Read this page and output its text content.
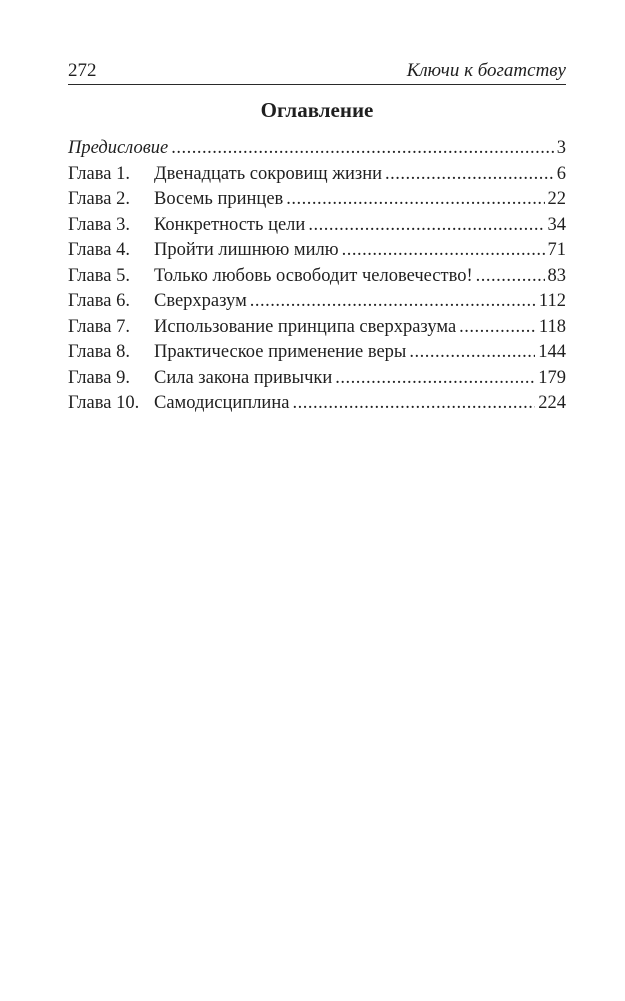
272	Ключи к богатству
Оглавление
Предисловие .....	3
Глава 1.	Двенадцать сокровищ жизни .....	6
Глава 2.	Восемь принцев .....	22
Глава 3.	Конкретность цели .....	34
Глава 4.	Пройти лишнюю милю .....	71
Глава 5.	Только любовь освободит человечество! .....	83
Глава 6.	Сверхразум .....	112
Глава 7.	Использование принципа сверхразума .....	118
Глава 8.	Практическое применение веры .....	144
Глава 9.	Сила закона привычки .....	179
Глава 10. Самодисциплина .....	224
